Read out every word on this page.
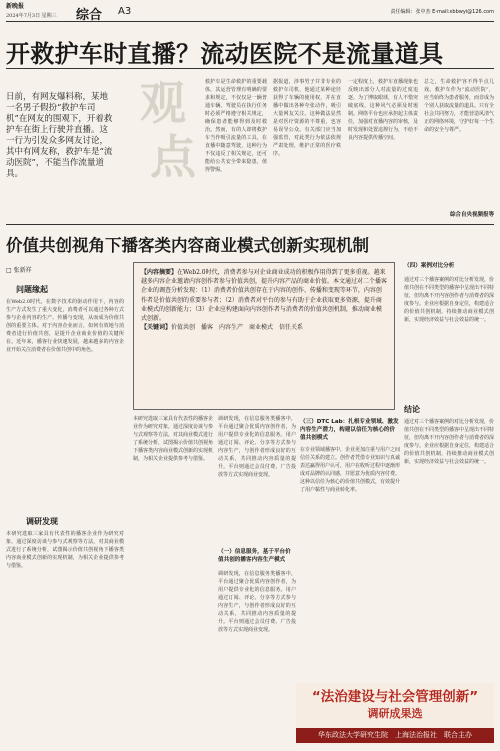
新晚报
2024年7月3日 星期三 综合 A3	责任编辑：张中杰 E-mail:xbbwyi@126.com
开救护车时直播？流动医院不是流量道具
观
点
日前，有网友爆料称，某地一名男子假扮“救护车司机”在网友的围观下，开着救护车在街上行驶并直播。这一行为引发众多网友讨论，其中有网友称，救护车是“流动医院”，不能当作流量道具。
救护车是生命救护的重要载体，其运营管理有明确的要求和规定，不仅仅是一辆普通车辆。驾驶员在执行任务时必须严格遵守相关规定，确保患者能够得到及时救治。然而，有的人却将救护车当作吸引流量的工具，在直播中随意驾驶，这种行为不仅违反了相关规定，还可能给公共安全带来隐患，值得警惕。
据报道，涉事男子并非专业的救护车司机，他通过某种途径获得了车辆的使用权，并在直播中做出各种夸张动作，吸引大量网友关注。这种做法显然是对医疗资源的不尊重，也容易误导公众。有关部门应当加强监管，对此类行为依法依规严肃处理，维护正常的医疗秩序。
一定程度上，救护车直播现象也反映出部分人对流量的过度追逐。为了博取眼球，有人不惜突破底线，这种风气必须及时遏制。网络平台也应承担起主体责任，加强对直播内容的审核，及时发现和处置违规行为，不给不良内容提供传播空间。
总之，生命救护容不得半点儿戏。救护车作为“流动医院”，应当始终为患者服务，而非成为个别人获取流量的道具。只有全社会共同努力，才能营造风清气正的网络环境，守护好每一个生命的安全与尊严。
综合自央视频报等
价值共创视角下播客类内容商业模式创新实现机制
□ 张新祥	【内容摘要】在Web2.0时代，消费者参与对企业商业成功的积极作用得到了更多重视。越来越多内容企业邀请内容创作者参与价值共创，提升内容产品的商业价值。本文通过对二个播客企业的调查分析发现：（1）消费者价值共创存在于内容的创作、传播和变现等环节，内容创作者是价值共创的重要参与者；（2）消费者对平台的参与有助于企业获取更多资源，提升商业模式的创新能力；（3）企业应构建面向内容创作者与消费者的价值共创机制，推动商业模式创新。
【关键词】价值共创　播客　内容生产　商业模式　信任关系
问题缘起
在Web2.0时代，在数字技术的驱动作用下，内容的生产方式发生了重大变化，消费者可以通过各种方式参与企业内容的生产、传播与变现，从而成为价值共创的重要主体。对于内容企业而言，如何有效地与消费者进行价值共创，是提升企业商业价值的关键所在。近年来，播客行业快速发展，越来越多的内容企业开始关注消费者在价值共创中的角色。
调研发现
本研究选取三家具有代表性的播客企业作为研究对象，通过深度访谈与参与式观察等方法，对其商业模式进行了系统分析，试图揭示价值共创视角下播客类内容商业模式创新的实现机制，为相关企业提供参考与借鉴。
本研究选取三家具有代表性的播客企业作为研究对象，通过深度访谈与参与式观察等方法，对其商业模式进行了系统分析，试图揭示价值共创视角下播客类内容商业模式创新的实现机制，为相关企业提供参考与借鉴。
（一）信息服务，基于平台价值共创的播客内容生产模式
调研发现，在信息服务类播客中，平台通过聚合优质内容创作者，为用户提供专业化的信息服务。用户通过订阅、评论、分享等方式参与内容生产，与创作者形成良好的互动关系，共同推动内容质量的提升。平台则通过会员付费、广告投放等方式实现商业变现。
调研发现，在信息服务类播客中，平台通过聚合优质内容创作者，为用户提供专业化的信息服务。用户通过订阅、评论、分享等方式参与内容生产，与创作者形成良好的互动关系，共同推动内容质量的提升。平台则通过会员付费、广告投放等方式实现商业变现。
（三）DTC Lab：扎根专业领域、激发内容生产潜力，构建以信任为核心的价值共创模式
在专业领域播客中，企业更加注重与用户之间信任关系的建立。创作者凭借专业知识与真诚表达赢得用户认可，用户在收听过程中逐渐形成对品牌的认同感，并愿意为优质内容付费。这种以信任为核心的价值共创模式，有效提升了用户黏性与商业转化率。
（四）案例对比分析
通过对三个播客案例的对比分析发现，价值共创在不同类型的播客中呈现出不同特征，但均离不开内容创作者与消费者的深度参与。企业应根据自身定位，构建适合的价值共创机制，持续推动商业模式创新，实现经济效益与社会效益的统一。
结论
通过对三个播客案例的对比分析发现，价值共创在不同类型的播客中呈现出不同特征，但均离不开内容创作者与消费者的深度参与。企业应根据自身定位，构建适合的价值共创机制，持续推动商业模式创新，实现经济效益与社会效益的统一。
“法治建设与社会管理创新”
调研成果选
华东政法大学研究生院　上海法治报社　联合主办
